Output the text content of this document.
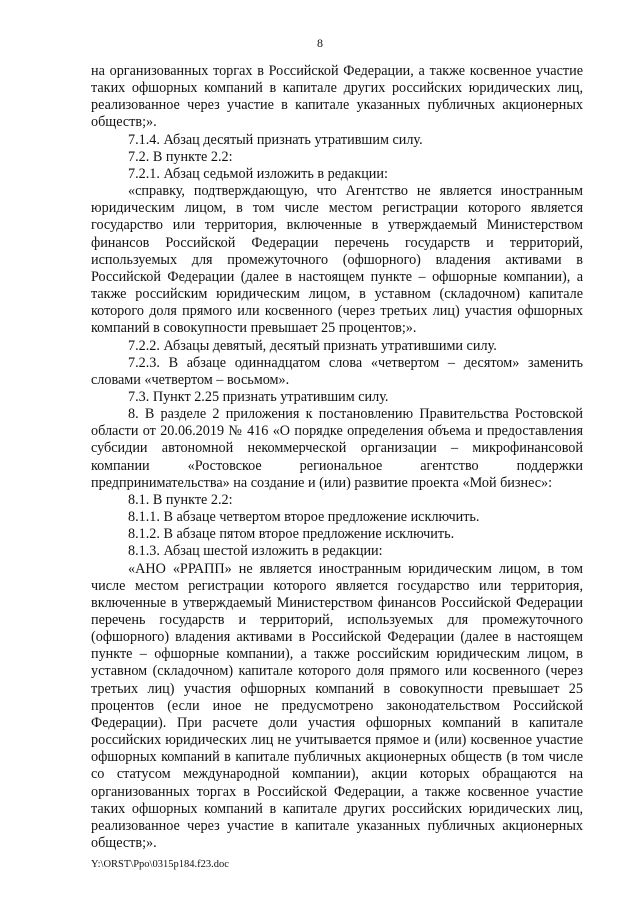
8

на организованных торгах в Российской Федерации, а также косвенное участие таких офшорных компаний в капитале других российских юридических лиц, реализованное через участие в капитале указанных публичных акционерных обществ;».

7.1.4. Абзац десятый признать утратившим силу.

7.2. В пункте 2.2:

7.2.1. Абзац седьмой изложить в редакции:

«справку, подтверждающую, что Агентство не является иностранным юридическим лицом, в том числе местом регистрации которого является государство или территория, включенные в утверждаемый Министерством финансов Российской Федерации перечень государств и территорий, используемых для промежуточного (офшорного) владения активами в Российской Федерации (далее в настоящем пункте – офшорные компании), а также российским юридическим лицом, в уставном (складочном) капитале которого доля прямого или косвенного (через третьих лиц) участия офшорных компаний в совокупности превышает 25 процентов;».

7.2.2. Абзацы девятый, десятый признать утратившими силу.

7.2.3. В абзаце одиннадцатом слова «четвертом – десятом» заменить словами «четвертом – восьмом».

7.3. Пункт 2.25 признать утратившим силу.

8. В разделе 2 приложения к постановлению Правительства Ростовской области от 20.06.2019 № 416 «О порядке определения объема и предоставления субсидии автономной некоммерческой организации – микрофинансовой компании «Ростовское региональное агентство поддержки предпринимательства» на создание и (или) развитие проекта «Мой бизнес»:

8.1. В пункте 2.2:

8.1.1. В абзаце четвертом второе предложение исключить.

8.1.2. В абзаце пятом второе предложение исключить.

8.1.3. Абзац шестой изложить в редакции:

«АНО «РРАПП» не является иностранным юридическим лицом, в том числе местом регистрации которого является государство или территория, включенные в утверждаемый Министерством финансов Российской Федерации перечень государств и территорий, используемых для промежуточного (офшорного) владения активами в Российской Федерации (далее в настоящем пункте – офшорные компании), а также российским юридическим лицом, в уставном (складочном) капитале которого доля прямого или косвенного (через третьих лиц) участия офшорных компаний в совокупности превышает 25 процентов (если иное не предусмотрено законодательством Российской Федерации). При расчете доли участия офшорных компаний в капитале российских юридических лиц не учитывается прямое и (или) косвенное участие офшорных компаний в капитале публичных акционерных обществ (в том числе со статусом международной компании), акции которых обращаются на организованных торгах в Российской Федерации, а также косвенное участие таких офшорных компаний в капитале других российских юридических лиц, реализованное через участие в капитале указанных публичных акционерных обществ;».

Y:\ORST\Ppo\0315p184.f23.doc
